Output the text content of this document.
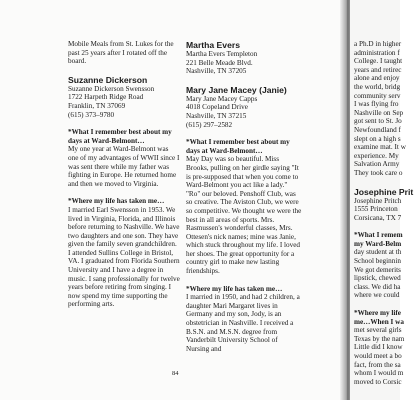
Mobile Meals from St. Lukes for the past 25 years after I rotated off the board.

Suzanne Dickerson

Suzanne Dickerson Swensson

1722 Harpeth Ridge Road

Franklin, TN 37069

(615) 373–9780

*What I remember best about my days at Ward-Belmont…

My one year at Ward-Belmont was one of my advantages of WWII since I was sent there while my father was fighting in Europe. He returned home and then we moved to Virginia.

*Where my life has taken me…

I married Earl Swensson in 1953. We lived in Virginia, Florida, and Illinois before returning to Nashville. We have two daughters and one son. They have given the family seven grandchildren. I attended Sullins College in Bristol, VA. I graduated from Florida Southern University and I have a degree in music. I sang professionally for twelve years before retiring from singing. I now spend my time supporting the performing arts.

Martha Evers

Martha Evers Templeton

221 Belle Meade Blvd.

Nashville, TN 37205

Mary Jane Macey (Janie)

Mary Jane Macey Capps

4018 Copeland Drive

Nashville, TN 37215

(615) 297–2582

*What I remember best about my days at Ward-Belmont…

May Day was so beautiful. Miss Brooks, pulling on her girdle saying "It is pre-supposed that when you come to Ward-Belmont you act like a lady." "Ro" our beloved. Penshoff Club, was so creative. The Aviston Club, we were so competitive. We thought we were the best in all areas of sports. Mrs. Rasmussen's wonderful classes, Mrs. Ottesen's nick names; mine was Janie, which stuck throughout my life. I loved her shoes. The great opportunity for a country girl to make new lasting friendships.

*Where my life has taken me…

I married in 1950, and had 2 children, a daughter Mari Margaret lives in Germany and my son, Jody, is an obstetrician in Nashville. I received a B.S.N. and M.S.N. degree from Vanderbilt University School of Nursing and

84

a Ph.D in higher

administration f

College. I taught

years and retirec

alone and enjoy

the world, bridg

community serv

I was flying fro

Nashville on Sep

got sent to St. Jo

Newfoundland f

slept on a high s

examine mat. It w

experience. My

Salvation Army

They took care o

Josephine Prit

Josephine Pritch

1555 Princeton

Corsicana, TX 7

*What I remem

my Ward-Belm

day student at th

School beginnin

We got demerits

lipstick, chewed

class. We did ha

where we could

*Where my life

me…When I wa

met several girls

Texas by the nam

Little did I know

would meet a bo

fact, from the sa

whom I would m

moved to Corsic
